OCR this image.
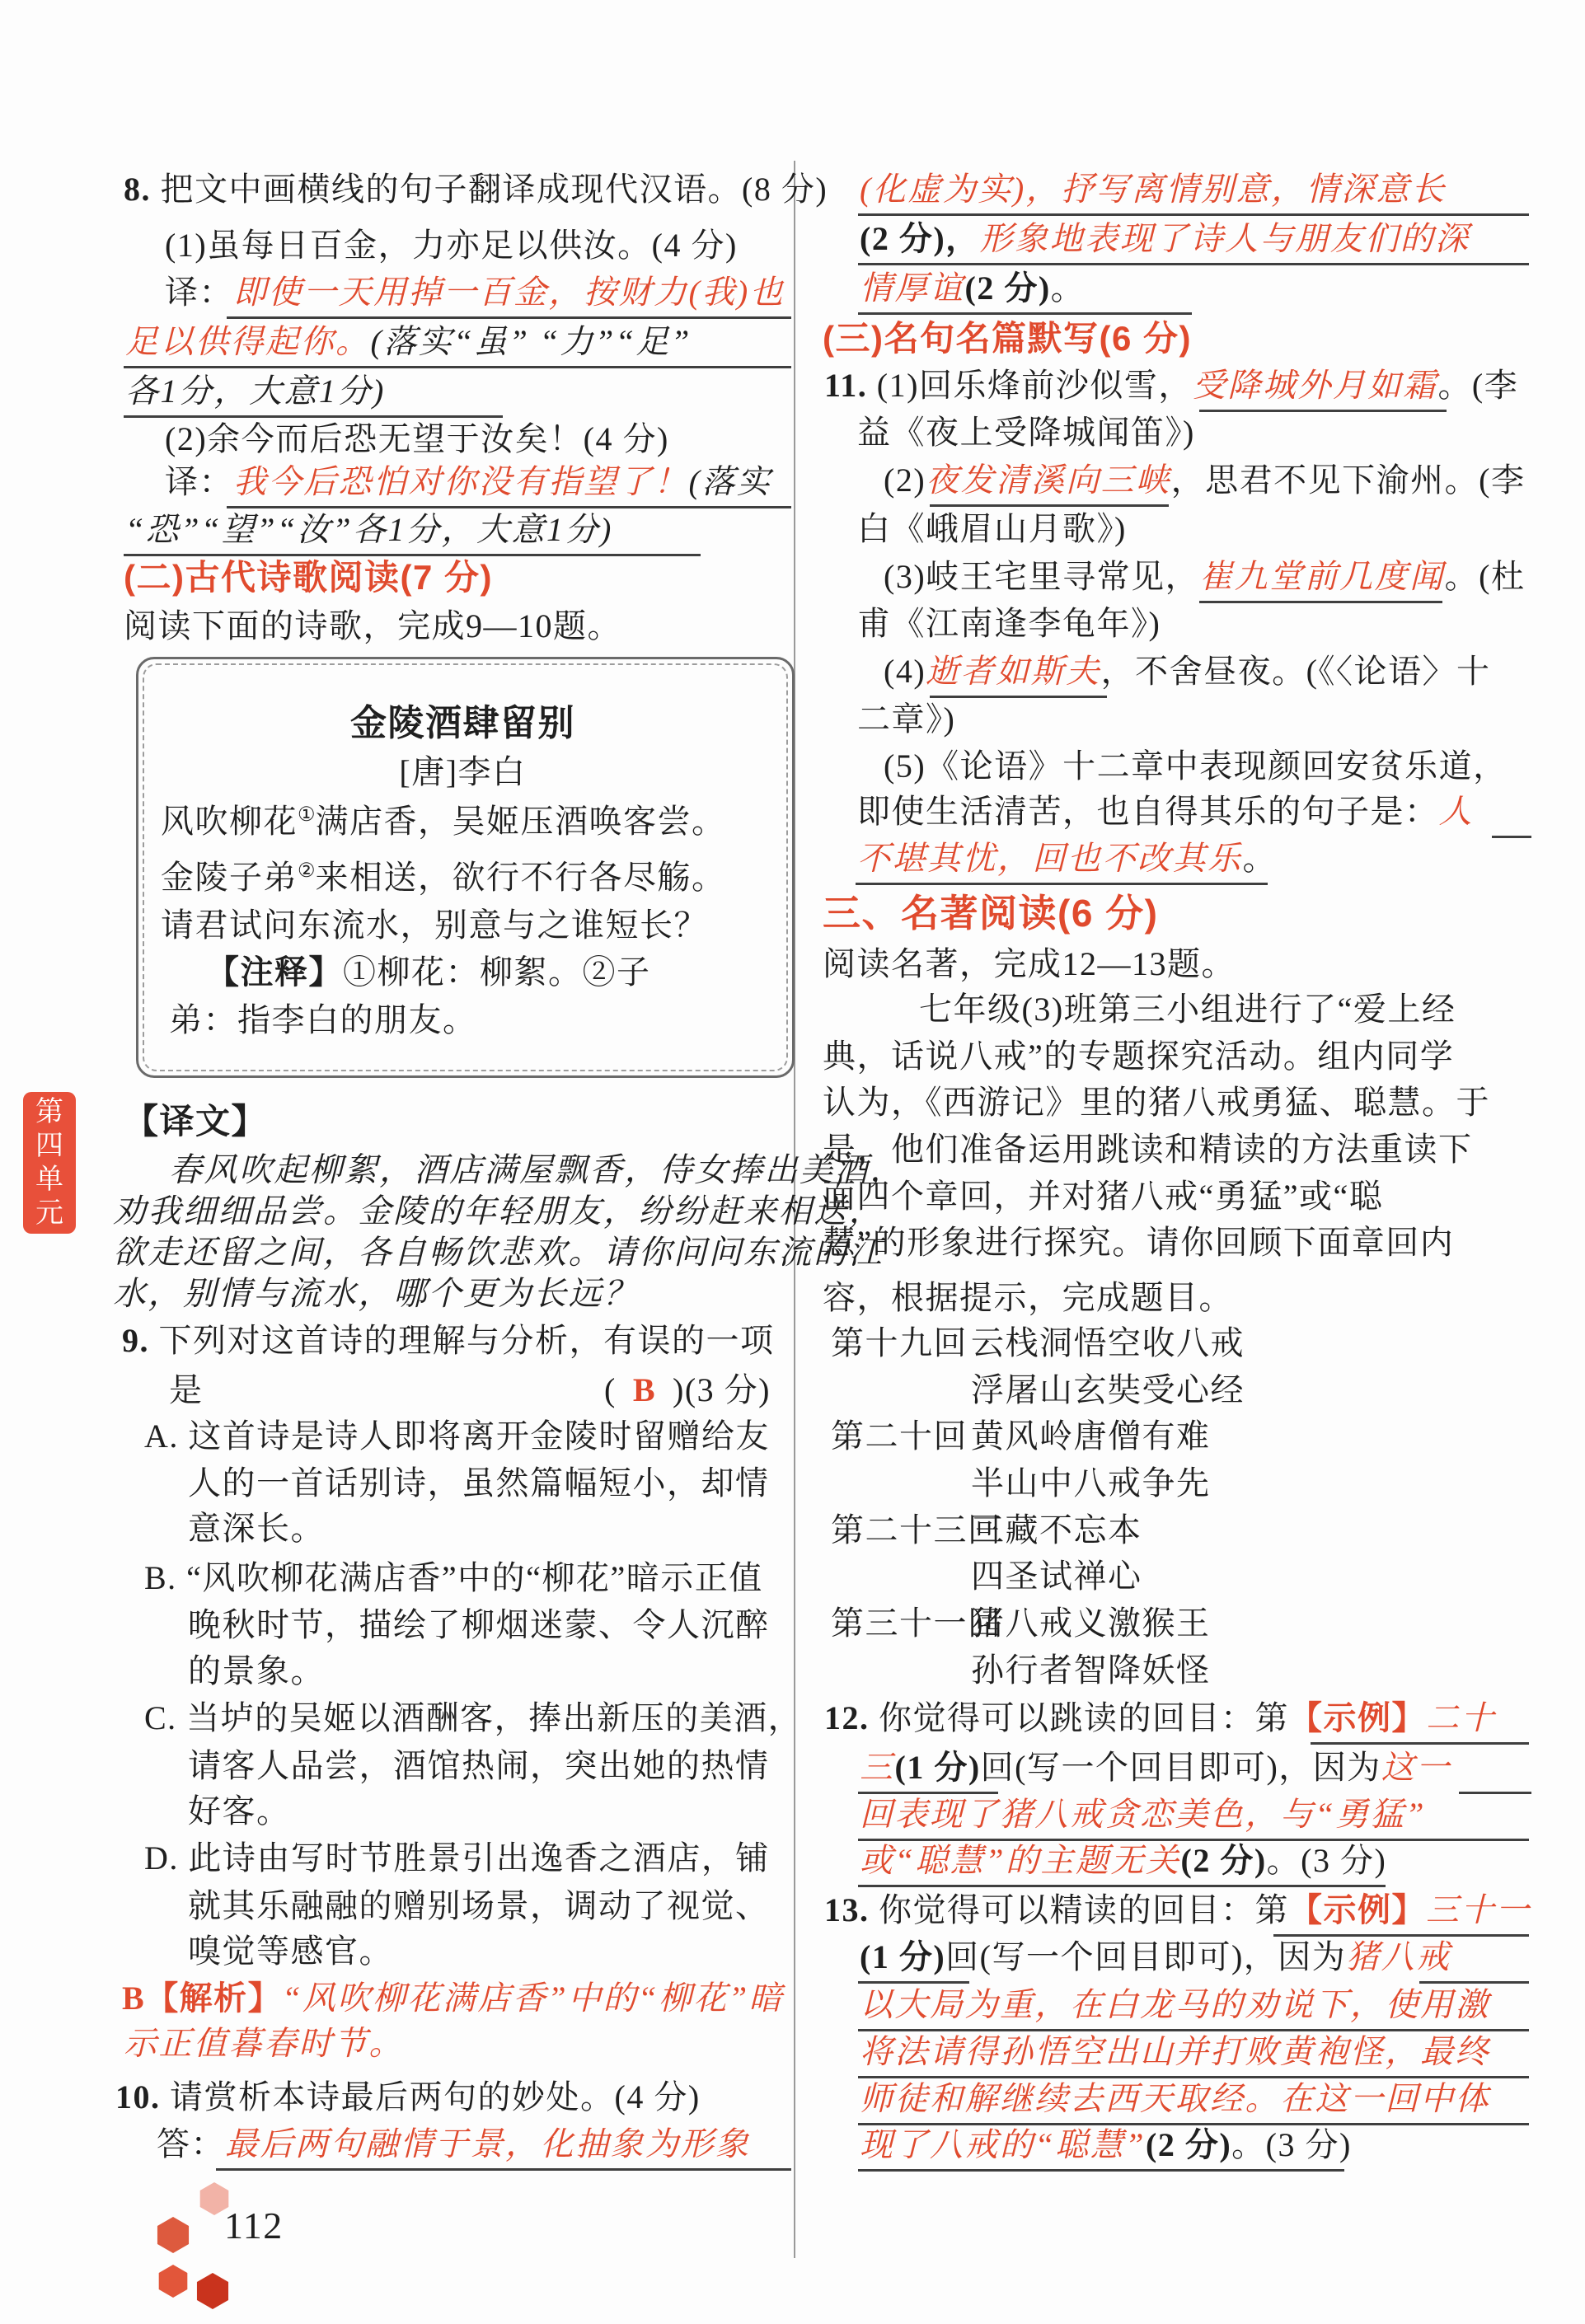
第四单元
8. 把文中画横线的句子翻译成现代汉语。(8 分)
(1)虽每日百金，力亦足以供汝。(4 分)
译：即使一天用掉一百金，按财力(我)也
足以供得起你。(落实“虽” “力”“足”
各1分，大意1分)
(2)余今而后恐无望于汝矣！(4 分)
译：我今后恐怕对你没有指望了！(落实
“恐”“望”“汝”各1分，大意1分)
(二)古代诗歌阅读(7 分)
阅读下面的诗歌，完成9—10题。
金陵酒肆留别
[唐]李白
风吹柳花①满店香，吴姬压酒唤客尝。
金陵子弟②来相送，欲行不行各尽觞。
请君试问东流水，别意与之谁短长？
【注释】①柳花：柳絮。②子
弟：指李白的朋友。
【译文】
春风吹起柳絮，酒店满屋飘香，侍女捧出美酒，
劝我细细品尝。金陵的年轻朋友，纷纷赶来相送，
欲走还留之间，各自畅饮悲欢。请你问问东流的江
水，别情与流水，哪个更为长远？
9. 下列对这首诗的理解与分析，有误的一项
是	( B )(3 分)
A. 这首诗是诗人即将离开金陵时留赠给友
人的一首话别诗，虽然篇幅短小，却情
意深长。
B. “风吹柳花满店香”中的“柳花”暗示正值
晚秋时节，描绘了柳烟迷蒙、令人沉醉
的景象。
C. 当垆的吴姬以酒酬客，捧出新压的美酒，
请客人品尝，酒馆热闹，突出她的热情
好客。
D. 此诗由写时节胜景引出逸香之酒店，铺
就其乐融融的赠别场景，调动了视觉、
嗅觉等感官。
B【解析】“风吹柳花满店香”中的“柳花”暗
示正值暮春时节。
10. 请赏析本诗最后两句的妙处。(4 分)
答：最后两句融情于景，化抽象为形象
112
(化虚为实)，抒写离情别意，情深意长
(2 分)，形象地表现了诗人与朋友们的深
情厚谊(2 分)。
(三)名句名篇默写(6 分)
11. (1)回乐烽前沙似雪，受降城外月如霜。(李
益《夜上受降城闻笛》)
(2)夜发清溪向三峡，思君不见下渝州。(李
白《峨眉山月歌》)
(3)岐王宅里寻常见，崔九堂前几度闻。(杜
甫《江南逢李龟年》)
(4)逝者如斯夫，不舍昼夜。(《〈论语〉十
二章》)
(5)《论语》十二章中表现颜回安贫乐道，
即使生活清苦，也自得其乐的句子是：人
不堪其忧，回也不改其乐。
三、名著阅读(6 分)
阅读名著，完成12—13题。
七年级(3)班第三小组进行了“爱上经
典，话说八戒”的专题探究活动。组内同学
认为，《西游记》里的猪八戒勇猛、聪慧。于
是，他们准备运用跳读和精读的方法重读下
面四个章回，并对猪八戒“勇猛”或“聪
慧”的形象进行探究。请你回顾下面章回内
容，根据提示，完成题目。
第十九回 云栈洞悟空收八戒
浮屠山玄奘受心经
第二十回 黄风岭唐僧有难
半山中八戒争先
第二十三回
三藏不忘本
四圣试禅心
第三十一回
猪八戒义激猴王
孙行者智降妖怪
12. 你觉得可以跳读的回目：第【示例】二十
三(1 分)回(写一个回目即可)，因为这一
回表现了猪八戒贪恋美色，与“勇猛”
或“聪慧”的主题无关(2 分)。(3 分)
13. 你觉得可以精读的回目：第【示例】三十一
(1 分)回(写一个回目即可)，因为猪八戒
以大局为重，在白龙马的劝说下，使用激
将法请得孙悟空出山并打败黄袍怪，最终
师徒和解继续去西天取经。在这一回中体
现了八戒的“聪慧”(2 分)。(3 分)
